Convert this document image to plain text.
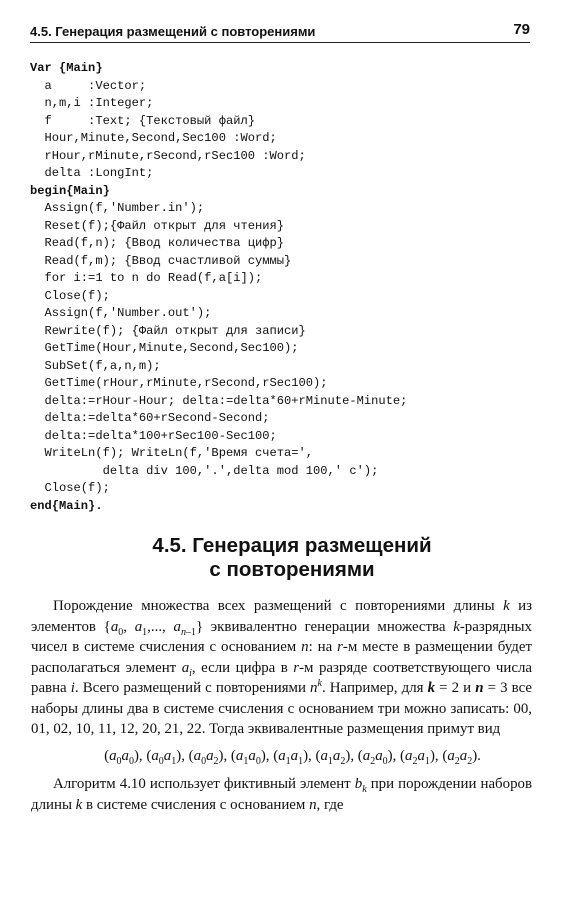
4.5. Генерация размещений с повторениями	79
Var {Main}
a     :Vector;
n,m,i :Integer;
f     :Text; {Текстовый файл}
Hour,Minute,Second,Sec100 :Word;
rHour,rMinute,rSecond,rSec100 :Word;
delta :LongInt;
begin{Main}
Assign(f,'Number.in');
Reset(f);{Файл открыт для чтения}
Read(f,n); {Ввод количества цифр}
Read(f,m); {Ввод счастливой суммы}
for i:=1 to n do Read(f,a[i]);
Close(f);
Assign(f,'Number.out');
Rewrite(f); {Файл открыт для записи}
GetTime(Hour,Minute,Second,Sec100);
SubSet(f,a,n,m);
GetTime(rHour,rMinute,rSecond,rSec100);
delta:=rHour-Hour; delta:=delta*60+rMinute-Minute;
delta:=delta*60+rSecond-Second;
delta:=delta*100+rSec100-Sec100;
WriteLn(f); WriteLn(f,'Время счета=',
delta div 100,'.',delta mod 100,' c');
Close(f);
end{Main}.
4.5. Генерация размещений
с повторениями

Порождение множества всех размещений с повторениями длины k из элементов {$a_0$, $a_1$,..., $a_{n-1}$} эквивалентно генерации множества k-разрядных чисел в системе счисления с основанием n: на r-м месте в размещении будет располагаться элемент $a_i$, если цифра в r-м разряде соответствующего числа равна i. Всего размещений с повторениями $n^k$. Например, для k = 2 и n = 3 все наборы длины два в системе счисления с основанием три можно записать: 00, 01, 02, 10, 11, 12, 20, 21, 22. Тогда эквивалентные размещения примут вид

$(a_0a_0)$, $(a_0a_1)$, $(a_0a_2)$, $(a_1a_0)$, $(a_1a_1)$, $(a_1a_2)$, $(a_2a_0)$, $(a_2a_1)$, $(a_2a_2)$.

Алгоритм 4.10 использует фиктивный элемент $b_k$ при порождении наборов длины k в системе счисления с основанием n, где
